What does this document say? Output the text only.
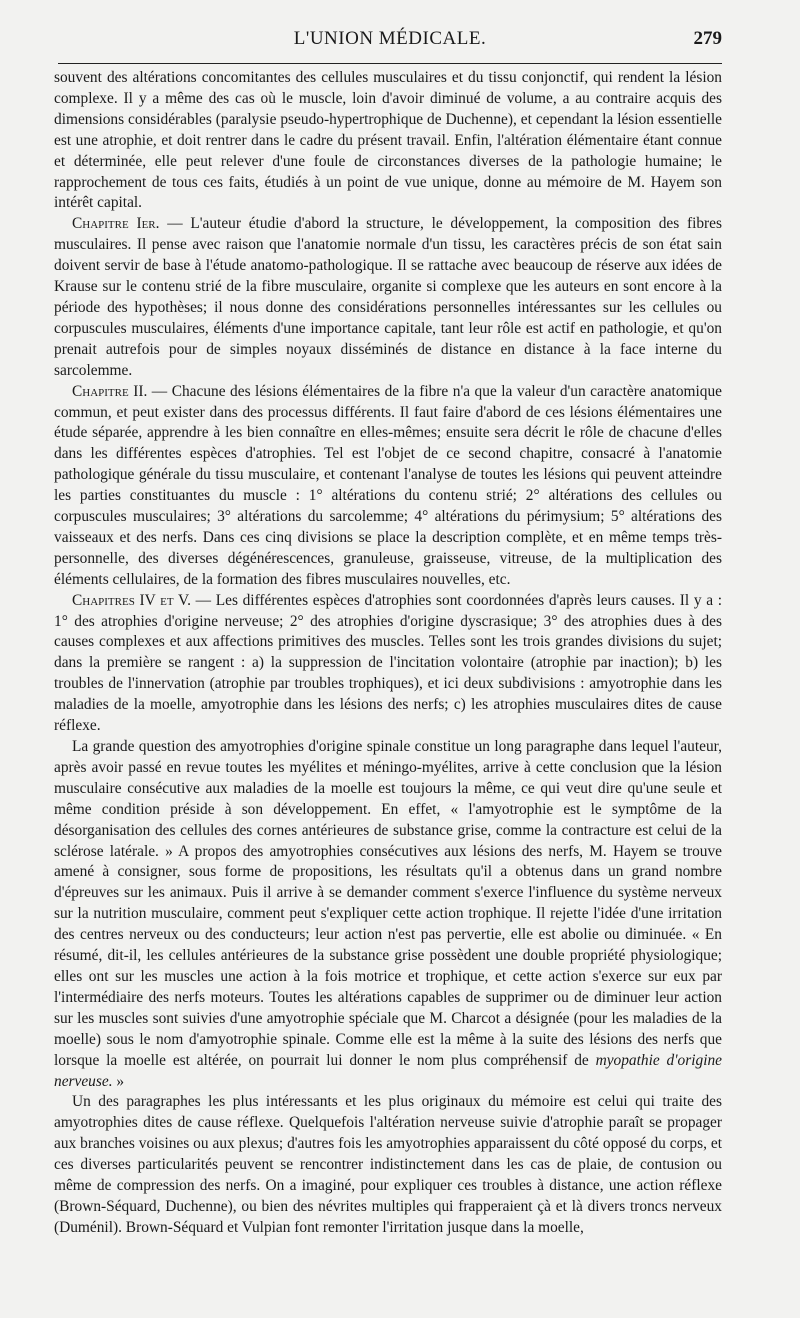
L'UNION MÉDICALE.	279

souvent des altérations concomitantes des cellules musculaires et du tissu conjonctif, qui rendent la lésion complexe. Il y a même des cas où le muscle, loin d'avoir diminué de volume, a au contraire acquis des dimensions considérables (paralysie pseudo-hypertrophique de Duchenne), et cependant la lésion essentielle est une atrophie, et doit rentrer dans le cadre du présent travail. Enfin, l'altération élémentaire étant connue et déterminée, elle peut relever d'une foule de circonstances diverses de la pathologie humaine; le rapprochement de tous ces faits, étudiés à un point de vue unique, donne au mémoire de M. Hayem son intérêt capital.

Chapitre Ier. — L'auteur étudie d'abord la structure, le développement, la composition des fibres musculaires. Il pense avec raison que l'anatomie normale d'un tissu, les caractères précis de son état sain doivent servir de base à l'étude anatomo-pathologique. Il se rattache avec beaucoup de réserve aux idées de Krause sur le contenu strié de la fibre musculaire, organite si complexe que les auteurs en sont encore à la période des hypothèses; il nous donne des considérations personnelles intéressantes sur les cellules ou corpuscules musculaires, éléments d'une importance capitale, tant leur rôle est actif en pathologie, et qu'on prenait autrefois pour de simples noyaux disséminés de distance en distance à la face interne du sarcolemme.

Chapitre II. — Chacune des lésions élémentaires de la fibre n'a que la valeur d'un caractère anatomique commun, et peut exister dans des processus différents. Il faut faire d'abord de ces lésions élémentaires une étude séparée, apprendre à les bien connaître en elles-mêmes; ensuite sera décrit le rôle de chacune d'elles dans les différentes espèces d'atrophies. Tel est l'objet de ce second chapitre, consacré à l'anatomie pathologique générale du tissu musculaire, et contenant l'analyse de toutes les lésions qui peuvent atteindre les parties constituantes du muscle : 1° altérations du contenu strié; 2° altérations des cellules ou corpuscules musculaires; 3° altérations du sarcolemme; 4° altérations du périmysium; 5° altérations des vaisseaux et des nerfs. Dans ces cinq divisions se place la description complète, et en même temps très-personnelle, des diverses dégénérescences, granuleuse, graisseuse, vitreuse, de la multiplication des éléments cellulaires, de la formation des fibres musculaires nouvelles, etc.

Chapitres IV et V. — Les différentes espèces d'atrophies sont coordonnées d'après leurs causes. Il y a : 1° des atrophies d'origine nerveuse; 2° des atrophies d'origine dyscrasique; 3° des atrophies dues à des causes complexes et aux affections primitives des muscles. Telles sont les trois grandes divisions du sujet; dans la première se rangent : a) la suppression de l'incitation volontaire (atrophie par inaction); b) les troubles de l'innervation (atrophie par troubles trophiques), et ici deux subdivisions : amyotrophie dans les maladies de la moelle, amyotrophie dans les lésions des nerfs; c) les atrophies musculaires dites de cause réflexe.

La grande question des amyotrophies d'origine spinale constitue un long paragraphe dans lequel l'auteur, après avoir passé en revue toutes les myélites et méningo-myélites, arrive à cette conclusion que la lésion musculaire consécutive aux maladies de la moelle est toujours la même, ce qui veut dire qu'une seule et même condition préside à son développement. En effet, « l'amyotrophie est le symptôme de la désorganisation des cellules des cornes antérieures de substance grise, comme la contracture est celui de la sclérose latérale. » A propos des amyotrophies consécutives aux lésions des nerfs, M. Hayem se trouve amené à consigner, sous forme de propositions, les résultats qu'il a obtenus dans un grand nombre d'épreuves sur les animaux. Puis il arrive à se demander comment s'exerce l'influence du système nerveux sur la nutrition musculaire, comment peut s'expliquer cette action trophique. Il rejette l'idée d'une irritation des centres nerveux ou des conducteurs; leur action n'est pas pervertie, elle est abolie ou diminuée. « En résumé, dit-il, les cellules antérieures de la substance grise possèdent une double propriété physiologique; elles ont sur les muscles une action à la fois motrice et trophique, et cette action s'exerce sur eux par l'intermédiaire des nerfs moteurs. Toutes les altérations capables de supprimer ou de diminuer leur action sur les muscles sont suivies d'une amyotrophie spéciale que M. Charcot a désignée (pour les maladies de la moelle) sous le nom d'amyotrophie spinale. Comme elle est la même à la suite des lésions des nerfs que lorsque la moelle est altérée, on pourrait lui donner le nom plus compréhensif de myopathie d'origine nerveuse. »

Un des paragraphes les plus intéressants et les plus originaux du mémoire est celui qui traite des amyotrophies dites de cause réflexe. Quelquefois l'altération nerveuse suivie d'atrophie paraît se propager aux branches voisines ou aux plexus; d'autres fois les amyotrophies apparaissent du côté opposé du corps, et ces diverses particularités peuvent se rencontrer indistinctement dans les cas de plaie, de contusion ou même de compression des nerfs. On a imaginé, pour expliquer ces troubles à distance, une action réflexe (Brown-Séquard, Duchenne), ou bien des névrites multiples qui frapperaient çà et là divers troncs nerveux (Duménil). Brown-Séquard et Vulpian font remonter l'irritation jusque dans la moelle,
